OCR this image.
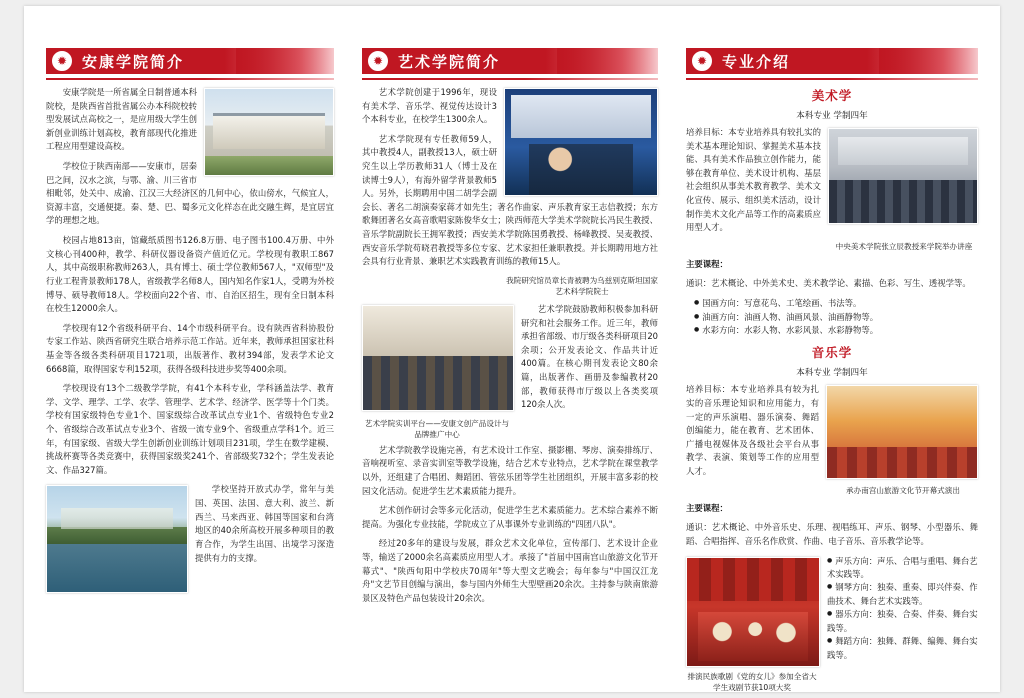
✹ 安康学院简介

安康学院是一所省属全日制普通本科院校，是陕西省首批省属公办本科院校转型发展试点高校之一，是应用级大学生创新创业训练计划高校，教育部现代化推进工程应用型建设高校。

学校位于陕西南部——安康市，居秦巴之间，汉水之滨，与鄂、渝、川三省市相毗邻，处关中、成渝、江汉三大经济区的几何中心，依山傍水，气候宜人，资源丰富，交通便捷。秦、楚、巴、蜀多元文化样态在此交融生辉，是宜居宜学的理想之地。

校园占地813亩，馆藏纸质图书126.8万册、电子图书100.4万册、中外文核心刊400种，教学、科研仪器设备资产值近亿元。学校现有教职工867人，其中高级职称教师263人，具有博士、硕士学位教师567人，"双师型"及行业工程背景教师178人，省级教学名师8人，国内知名作家1人，受聘为外校博导、硕导教师18人。学校面向22个省、市、自治区招生，现有全日制本科在校生12000余人。

学校现有12个省级科研平台、14个市级科研平台。设有陕西省科协股份专家工作站、陕西省研究生联合培养示范工作站。近年来，教师承担国家社科基金等各级各类科研项目1721项，出版著作、教材394部，发表学术论文6668篇，取得国家专利152项，获得各级科技进步奖等400余项。

学校现设有13个二级教学学院，有41个本科专业，学科涵盖法学、教育学、文学、理学、工学、农学、管理学、艺术学、经济学、医学等十个门类。学校有国家级特色专业1个、国家级综合改革试点专业1个、省级特色专业2个、省级综合改革试点专业3个、省级一流专业9个、省级重点学科1个。近三年，有国家级、省级大学生创新创业训练计划项目231项，学生在数学建模、挑战杯赛等各类竞赛中，获得国家级奖241个、省部级奖732个；学生发表论文、作品327篇。

学校坚持开放式办学，常年与美国、英国、法国、意大利、波兰、新西兰、马来西亚、韩国等国家和台湾地区的40余所高校开展多种项目的教育合作，为学生出国、出境学习深造提供有力的支撑。

✹ 艺术学院简介

艺术学院创建于1996年，现设有美术学、音乐学、视觉传达设计3个本科专业，在校学生1300余人。

艺术学院现有专任教师59人，其中教授4人，副教授13人，硕士研究生以上学历教师31人（博士及在读博士9人），有海外留学背景教师5人。另外，长期聘用中国二胡学会副会长、著名二胡演奏家蒋才如先生；著名作曲家、声乐教育家王志信教授；东方歌舞团著名女高音歌唱家陈俊华女士；陕西师范大学美术学院院长冯民生教授、音乐学院副院长王拥军教授；西安美术学院陈国勇教授、杨峰教授、吴麦教授、西安音乐学院苟晓君教授等多位专家、艺术家担任兼职教授。并长期聘用地方社会具有行业背景、兼职艺术实践教育训练的教师15人。

我院研究馆员章长青被聘为乌兹别克斯坦国家艺术科学院院士

艺术学院鼓励教师积极参加科研研究和社会服务工作。近三年，教师承担省部级、市厅级各类科研项目20余项；公开发表论文、作品共计近400篇。在核心期刊发表论文80余篇，出版著作、画册及参编教材20部，教师获得市厅级以上各类奖项120余人次。

艺术学院实训平台——安康文创产品设计与品牌推广中心

艺术学院教学设施完善，有艺术设计工作室、摄影棚、琴房、演奏排练厅、音响视听室、录音实训室等教学设施，结合艺术专业特点，艺术学院在课堂教学以外，还组建了合唱团、舞蹈团、管弦乐团等学生社团组织，开展丰富多彩的校园文化活动。促进学生艺术素质能力提升。

艺术创作研讨会等多元化活动，促进学生艺术素质能力。艺术综合素养不断提高。为强化专业技能，学院成立了从事课外专业训练的"四团八队"。

经过20多年的建设与发展，群众艺术文化单位，宣传部门、艺术设计企业等，输送了2000余名高素质应用型人才。承接了"首届中国南宫山旅游文化节开幕式"、"陕西旬阳中学校庆70周年"等大型文艺晚会；每年参与"中国汉江龙舟"文艺节目创编与演出，参与国内外师生大型壁画20余次。主持参与陕南旅游景区及特色产品包装设计20余次。

✹ 专业介绍
美术学
本科专业 学制四年

培养目标：本专业培养具有较扎实的美术基本理论知识、掌握美术基本技能、具有美术作品独立创作能力，能够在教育单位、美术设计机构、基层社会组织从事美术教育教学、美术文化宣传、展示、组织美术活动，设计制作美术文化产品等工作的高素质应用型人才。

中央美术学院张立辰教授来学院举办讲座

主要课程：

通识：艺术概论、中外美术史、美术教学论、素描、色彩、写生、透视学等。

● 国画方向：写意花鸟、工笔绘画、书法等。
● 油画方向：油画人物、油画风景、油画静物等。
● 水彩方向：水彩人物、水彩风景、水彩静物等。
音乐学
本科专业 学制四年

培养目标：本专业培养具有较为扎实的音乐理论知识和应用能力，有一定的声乐演唱、器乐演奏、舞蹈创编能力，能在教育、艺术团体、广播电视媒体及各级社会平台从事教学、表演、策划等工作的应用型人才。

承办南宫山旅游文化节开幕式演出

主要课程：

通识：艺术概论、中外音乐史、乐理、视唱练耳、声乐、钢琴、小型器乐、舞蹈、合唱指挥、音乐名作欣赏、作曲、电子音乐、音乐教学论等。

● 声乐方向：声乐、合唱与重唱、舞台艺术实践等。
● 钢琴方向：独奏、重奏、即兴伴奏、作曲技术、舞台艺术实践等。
● 器乐方向：独奏、合奏、伴奏、舞台实践等。
● 舞蹈方向：独舞、群舞、编舞、舞台实践等。
排演民族歌剧《党的女儿》参加全省大学生戏剧节获10项大奖
